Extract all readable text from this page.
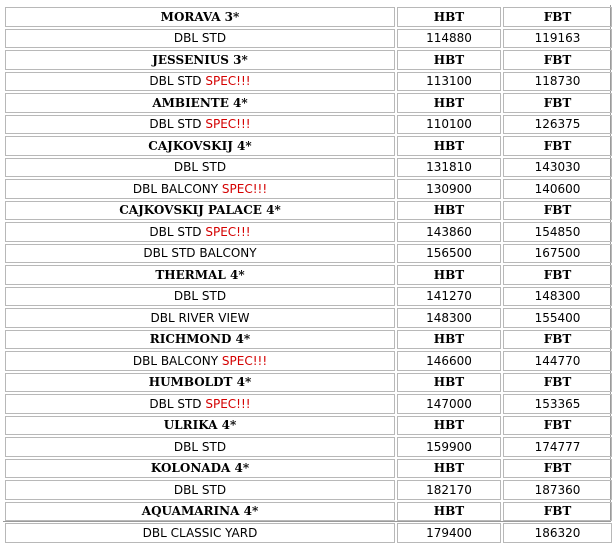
MORAVA 3*	HBT	FBT
DBL STD	114880	119163
JESSENIUS 3*	HBT	FBT
DBL STD SPEC!!!	113100	118730
AMBIENTE 4*	HBT	FBT
DBL STD SPEC!!!	110100	126375
CAJKOVSKIJ 4*	HBT	FBT
DBL STD	131810	143030
DBL BALCONY SPEC!!!	130900	140600
CAJKOVSKIJ PALACE 4*	HBT	FBT
DBL STD SPEC!!!	143860	154850
DBL STD BALCONY	156500	167500
THERMAL 4*	HBT	FBT
DBL STD	141270	148300
DBL RIVER VIEW	148300	155400
RICHMOND 4*	HBT	FBT
DBL BALCONY SPEC!!!	146600	144770
HUMBOLDT 4*	HBT	FBT
DBL STD SPEC!!!	147000	153365
ULRIKA 4*	HBT	FBT
DBL STD	159900	174777
KOLONADA 4*	HBT	FBT
DBL STD	182170	187360
AQUAMARINA 4*	HBT	FBT
DBL CLASSIC YARD	179400	186320
